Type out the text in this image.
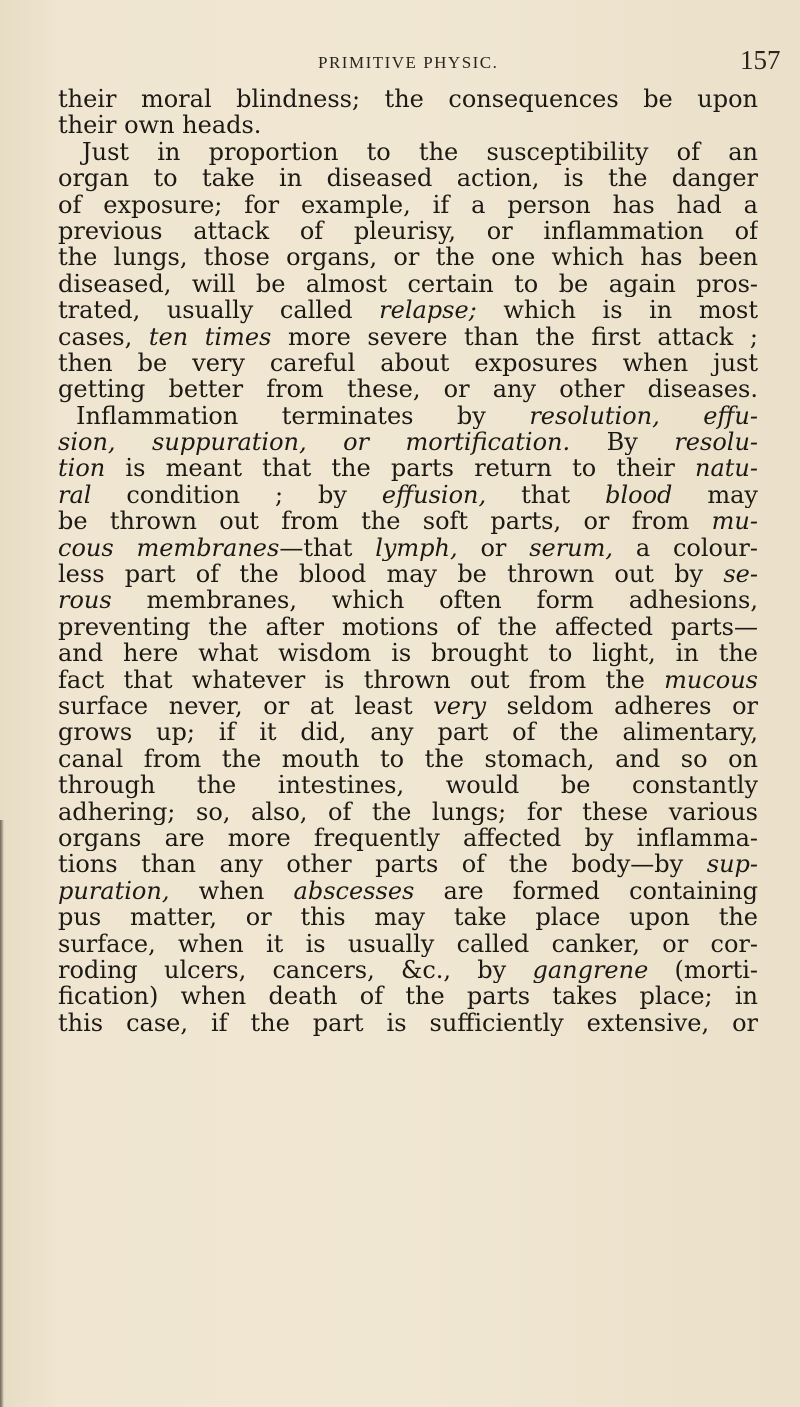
PRIMITIVE PHYSIC.	157
their moral blindness; the consequences be upon
their own heads.
Just in proportion to the susceptibility of an
organ to take in diseased action, is the danger
of exposure; for example, if a person has had a
previous attack of pleurisy, or inflammation of
the lungs, those organs, or the one which has been
diseased, will be almost certain to be again pros-
trated, usually called relapse; which is in most
cases, ten times more severe than the first attack ;
then be very careful about exposures when just
getting better from these, or any other diseases.
Inflammation terminates by resolution, effu-
sion, suppuration, or mortification. By resolu-
tion is meant that the parts return to their natu-
ral condition ; by effusion, that blood may
be thrown out from the soft parts, or from mu-
cous membranes—that lymph, or serum, a colour-
less part of the blood may be thrown out by se-
rous membranes, which often form adhesions,
preventing the after motions of the affected parts—
and here what wisdom is brought to light, in the
fact that whatever is thrown out from the mucous
surface never, or at least very seldom adheres or
grows up; if it did, any part of the alimentary,
canal from the mouth to the stomach, and so on
through the intestines, would be constantly
adhering; so, also, of the lungs; for these various
organs are more frequently affected by inflamma-
tions than any other parts of the body—by sup-
puration, when abscesses are formed containing
pus matter, or this may take place upon the
surface, when it is usually called canker, or cor-
roding ulcers, cancers, &c., by gangrene (morti-
fication) when death of the parts takes place; in
this case, if the part is sufficiently extensive, or
